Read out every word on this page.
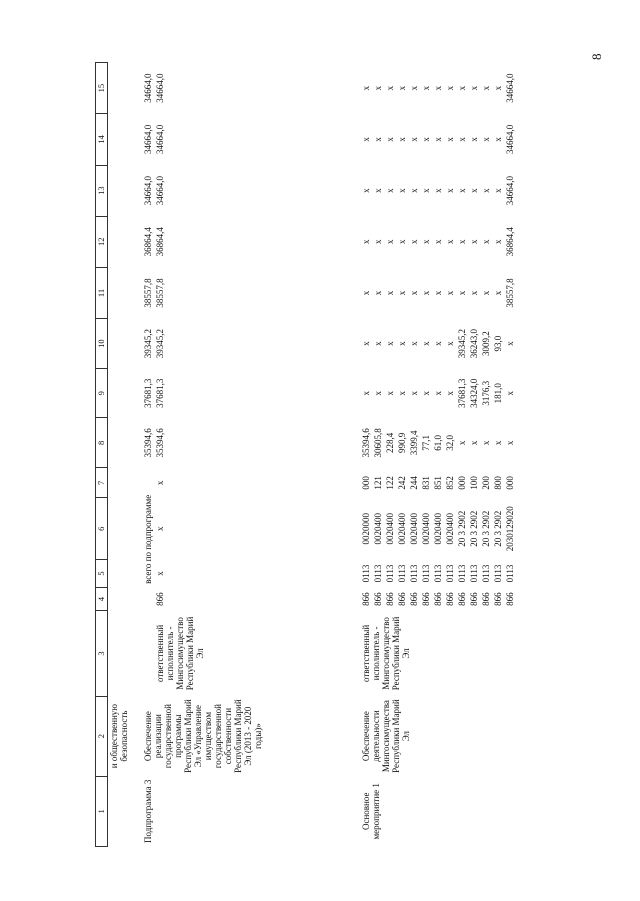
8
1	2	3	4	5	6	7	8	9	10	11	12	13	14	15
	и общественную безопасность													
Подпрограмма 3	Обеспечение реализации государственной программы Республики Марий Эл «Управление имуществом государственной собственности Республики Марий Эл (2013 - 2020 годы)»		всего по подпрограмме				35394,6	37681,3	39345,2	38557,8	36864,4	34664,0	34664,0	34664,0
		ответственный исполнитель - Мингосимущество Республики Марий Эл	866	x	x	x	35394,6	37681,3	39345,2	38557,8	36864,4	34664,0	34664,0	34664,0

Основное мероприятие 1	Обеспечение деятельности Мингосимущества Республики Марий Эл	ответственный исполнитель - Мингосимущество Республики Марий Эл	866	0113	0020000	000	35394,6	x	x	x	x	x	x	x
			866	0113	0020400	121	30605,8	x	x	x	x	x	x	x
			866	0113	0020400	122	228,4	x	x	x	x	x	x	x
			866	0113	0020400	242	990,9	x	x	x	x	x	x	x
			866	0113	0020400	244	3399,4	x	x	x	x	x	x	x
			866	0113	0020400	831	77,1	x	x	x	x	x	x	x
			866	0113	0020400	851	61,0	x	x	x	x	x	x	x
			866	0113	0020400	852	32,0	x	x	x	x	x	x	x
			866	0113	20 3 2902	000	x	37681,3	39345,2	x	x	x	x	x
			866	0113	20 3 2902	100	x	34324,0	36243,0	x	x	x	x	x
			866	0113	20 3 2902	200	x	3176,3	3009,2	x	x	x	x	x
			866	0113	20 3 2902	800	x	181,0	93,0	x	x	x	x	x
			866	0113	2030129020	000	x	x	x	38557,8	36864,4	34664,0	34664,0	34664,0
